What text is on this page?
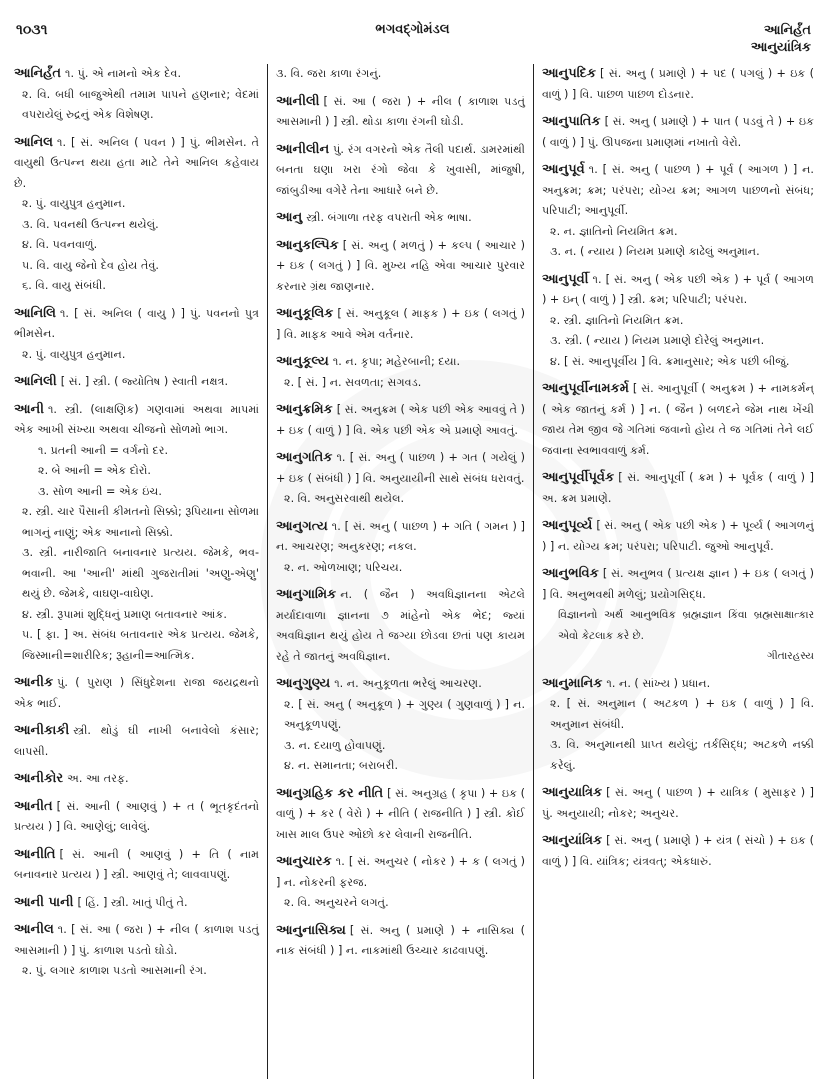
૧૦૩૧	ભગવદ્ગોમંડલ	આનિર્હંત
આનુયાંત્રિક
આનિર્હંત ૧. પું. એ નામનો એક દેવ.
૨. વિ. બધી બાજુએથી તમામ પાપને હણનાર; વેદમાં વપરાયેલું રુદ્રનું એક વિશેષણ.
આનિલ ૧. [ સં. અનિલ ( પવન ) ] પું. ભીમસેન. તે વાયુથી ઉત્પન્ન થયા હતા માટે તેને આનિલ કહેવાય છે.
૨. પું. વાયુપુત્ર હનુમાન.
૩. વિ. પવનથી ઉત્પન્ન થયેલું.
૪. વિ. પવનવાળું.
૫. વિ. વાયુ જેનો દેવ હોય તેવું.
૬. વિ. વાયુ સંબંધી.
આનિલિ ૧. [ સં. અનિલ ( વાયુ ) ] પું. પવનનો પુત્ર ભીમસેન.
૨. પું. વાયુપુત્ર હનુમાન.
આનિલી [ સં. ] સ્ત્રી. ( જ્યોતિષ ) સ્વાતી નક્ષત્ર.
આની ૧. સ્ત્રી. (લાક્ષણિક) ગણવામાં અથવા માપમાં એક આખી સંખ્યા અથવા ચીજનો સોળમો ભાગ.
૧. પ્રતની આની = વર્ગનો દર.
૨. બે આની = એક દોરો.
૩. સોળ આની = એક ઇંચ.
૨. સ્ત્રી. ચાર પૈસાની કીમતનો સિક્કો; રૂપિયાના સોળમા ભાગનું નાણું; એક આનાનો સિક્કો.
૩. સ્ત્રી. નારીજાતિ બનાવનાર પ્રત્યય. જેમકે, ભવ-ભવાની. આ 'આની' માંથી ગુજરાતીમાં 'અણુ-એણુ' થયું છે. જેમકે, વાઘણ-વાઘેણ.
૪. સ્ત્રી. રૂપામાં શુદ્ધિનું પ્રમાણ બતાવનાર આંક.
૫. [ ફા. ] અ. સંબંધ બતાવનાર એક પ્રત્યય. જેમકે, જિસ્માની=શારીરિક; રૂહાની=આત્મિક.
આનીક પું. ( પુરાણ ) સિંધુદેશના રાજા જયદ્રથનો એક ભાઈ.
આનીકાકી સ્ત્રી. થોડું ઘી નાખી બનાવેલો કંસાર; લાપસી.
આનીકોર અ. આ તરફ.
આનીત [ સં. આની ( આણવું ) + ત ( ભૂતકૃદંતનો પ્રત્યય ) ] વિ. આણેલું; લાવેલું.
આનીતિ [ સં. આની ( આણવું ) + તિ ( નામ બનાવનાર પ્રત્યય ) ] સ્ત્રી. આણવું તે; લાવવાપણું.
આની પાની [ હિં. ] સ્ત્રી. ખાતું પીતું તે.
આનીલ ૧. [ સં. આ ( જરા ) + નીલ ( કાળાશ પડતું આસમાની ) ] પું. કાળાશ પડતો ઘોડો.
૨. પું. લગાર કાળાશ પડતો આસમાની રંગ.
૩. વિ. જરા કાળા રંગનું.
આનીલી [ સં. આ ( જરા ) + નીલ ( કાળાશ પડતું આસમાની ) ] સ્ત્રી. થોડા કાળા રંગની ઘોડી.
આનીલીન પું. રંગ વગરનો એક તૈલી પદાર્થ. ડામરમાંથી બનતા ઘણા ખરા રંગો જેવા કે ખુવાસી, માંજુષી, જાંબુડીઆ વગેરે તેના આધારે બને છે.
આનુ સ્ત્રી. બંગાળા તરફ વપરાતી એક ભાષા.
આનુકલ્પિક [ સં. અનુ ( મળતું ) + કલ્પ ( આચાર ) + ઇક ( લગતું ) ] વિ. મુખ્ય નહિ એવા આચાર પુરવાર કરનાર ગ્રંથ જાણનાર.
આનુકૂલિક [ સં. અનુકૂલ ( માફક ) + ઇક ( લગતું ) ] વિ. માફક આવે એમ વર્તનાર.
આનુકૂલ્ય ૧. ન. કૃપા; મહેરબાની; દયા.
૨. [ સં. ] ન. સવળતા; સગવડ.
આનુક્રમિક [ સં. અનુક્રમ ( એક પછી એક આવવું તે ) + ઇક ( વાળું ) ] વિ. એક પછી એક એ પ્રમાણે આવતું.
આનુગતિક ૧. [ સં. અનુ ( પાછળ ) + ગત ( ગયેલું ) + ઇક ( સંબંધી ) ] વિ. અનુયાયીની સાથે સંબંધ ધરાવતું.
૨. વિ. અનુસરવાથી થયેલ.
આનુગત્ય ૧. [ સં. અનુ ( પાછળ ) + ગતિ ( ગમન ) ] ન. આચરણ; અનુકરણ; નકલ.
૨. ન. ઓળખાણ; પરિચય.
આનુગામિક ન. ( જૈન ) અવધિજ્ઞાનના એટલે મર્યાદાવાળા જ્ઞાનના ૭ માંહેનો એક ભેદ; જ્યાં અવધિજ્ઞાન થયું હોય તે જગ્યા છોડવા છતાં પણ કાયમ રહે તે જાતનું અવધિજ્ઞાન.
આનુગુણ્ય ૧. ન. અનુકૂળતા ભરેલું આચરણ.
૨. [ સં. અનુ ( અનુકૂળ ) + ગુણ્ય ( ગુણવાળું ) ] ન. અનુકૂળપણું.
૩. ન. દયાળુ હોવાપણું.
૪. ન. સમાનતા; બરાબરી.
આનુગ્રહિક કર નીતિ [ સં. અનુગ્રહ ( કૃપા ) + ઇક ( વાળું ) + કર ( વેરો ) + નીતિ ( રાજનીતિ ) ] સ્ત્રી. કોઈ ખાસ માલ ઉપર ઓછો કર લેવાની રાજનીતિ.
આનુચારક ૧. [ સં. અનુચર ( નોકર ) + ક ( લગતું ) ] ન. નોકરની ફરજ.
૨. વિ. અનુચરને લગતું.
આનુનાસિક્ય [ સં. અનુ ( પ્રમાણે ) + નાસિક્ય ( નાક સંબંધી ) ] ન. નાકમાંથી ઉચ્ચાર કાઢવાપણું.
આનુપદિક [ સં. અનુ ( પ્રમાણે ) + પદ ( પગલું ) + ઇક ( વાળું ) ] વિ. પાછળ પાછળ દોડનાર.
આનુપાતિક [ સં. અનુ ( પ્રમાણે ) + પાત ( પડવું તે ) + ઇક ( વાળું ) ] પું. ઊપજના પ્રમાણમાં નખાતો વેરો.
આનુપૂર્વ ૧. [ સં. અનુ ( પાછળ ) + પૂર્વ ( આગળ ) ] ન. અનુક્રમ; ક્રમ; પરંપરા; યોગ્ય ક્રમ; આગળ પાછળનો સંબંધ; પરિપાટી; આનુપૂર્વી.
૨. ન. જ્ઞાતિનો નિયમિત ક્રમ.
૩. ન. ( ન્યાય ) નિયમ પ્રમાણે કાઢેલું અનુમાન.
આનુપૂર્વી ૧. [ સં. અનુ ( એક પછી એક ) + પૂર્વ ( આગળ ) + ઇન્ ( વાળું ) ] સ્ત્રી. ક્રમ; પરિપાટી; પરંપરા.
૨. સ્ત્રી. જ્ઞાતિનો નિયમિત ક્રમ.
૩. સ્ત્રી. ( ન્યાય ) નિયમ પ્રમાણે દોરેલું અનુમાન.
૪. [ સં. આનુપૂર્વીય ] વિ. ક્રમાનુસાર; એક પછી બીજું.
આનુપૂર્વીનામકર્મ [ સં. આનુપૂર્વી ( અનુક્રમ ) + નામકર્મન્ ( એક જાતનું કર્મ ) ] ન. ( જૈન ) બળદને જેમ નાથ ખેંચી જાય તેમ જીવ જે ગતિમાં જવાનો હોય તે જ ગતિમાં તેને લઈ જવાના સ્વભાવવાળું કર્મ.
આનુપૂર્વીપૂર્વક [ સં. આનુપૂર્વી ( ક્રમ ) + પૂર્વક ( વાળું ) ] અ. ક્રમ પ્રમાણે.
આનુપૂર્વ્ય [ સં. અનુ ( એક પછી એક ) + પૂર્વ્ય ( આગળનું ) ] ન. યોગ્ય ક્રમ; પરંપરા; પરિપાટી. જુઓ આનુપૂર્વ.
આનુભવિક [ સં. અનુભવ ( પ્રત્યક્ષ જ્ઞાન ) + ઇક ( લગતું ) ] વિ. અનુભવથી મળેલું; પ્રયોગસિદ્ધ.
વિજ્ઞાનનો અર્થ આનુભવિક બ્રહ્મજ્ઞાન કિંવા બ્રહ્મસાક્ષાત્કાર એવો કેટલાક કરે છે.
ગીતારહસ્ય
આનુમાનિક ૧. ન. ( સાંખ્ય ) પ્રધાન.
૨. [ સં. અનુમાન ( અટકળ ) + ઇક ( વાળું ) ] વિ. અનુમાન સંબંધી.
૩. વિ. અનુમાનથી પ્રાપ્ત થયેલું; તર્કસિદ્ધ; અટકળે નક્કી કરેલું.
આનુયાત્રિક [ સં. અનુ ( પાછળ ) + યાત્રિક ( મુસાફર ) ] પું. અનુયાયી; નોકર; અનુચર.
આનુયાંત્રિક [ સં. અનુ ( પ્રમાણે ) + યંત્ર ( સંચો ) + ઇક ( વાળું ) ] વિ. યાંત્રિક; યંત્રવત્; એકધારું.
